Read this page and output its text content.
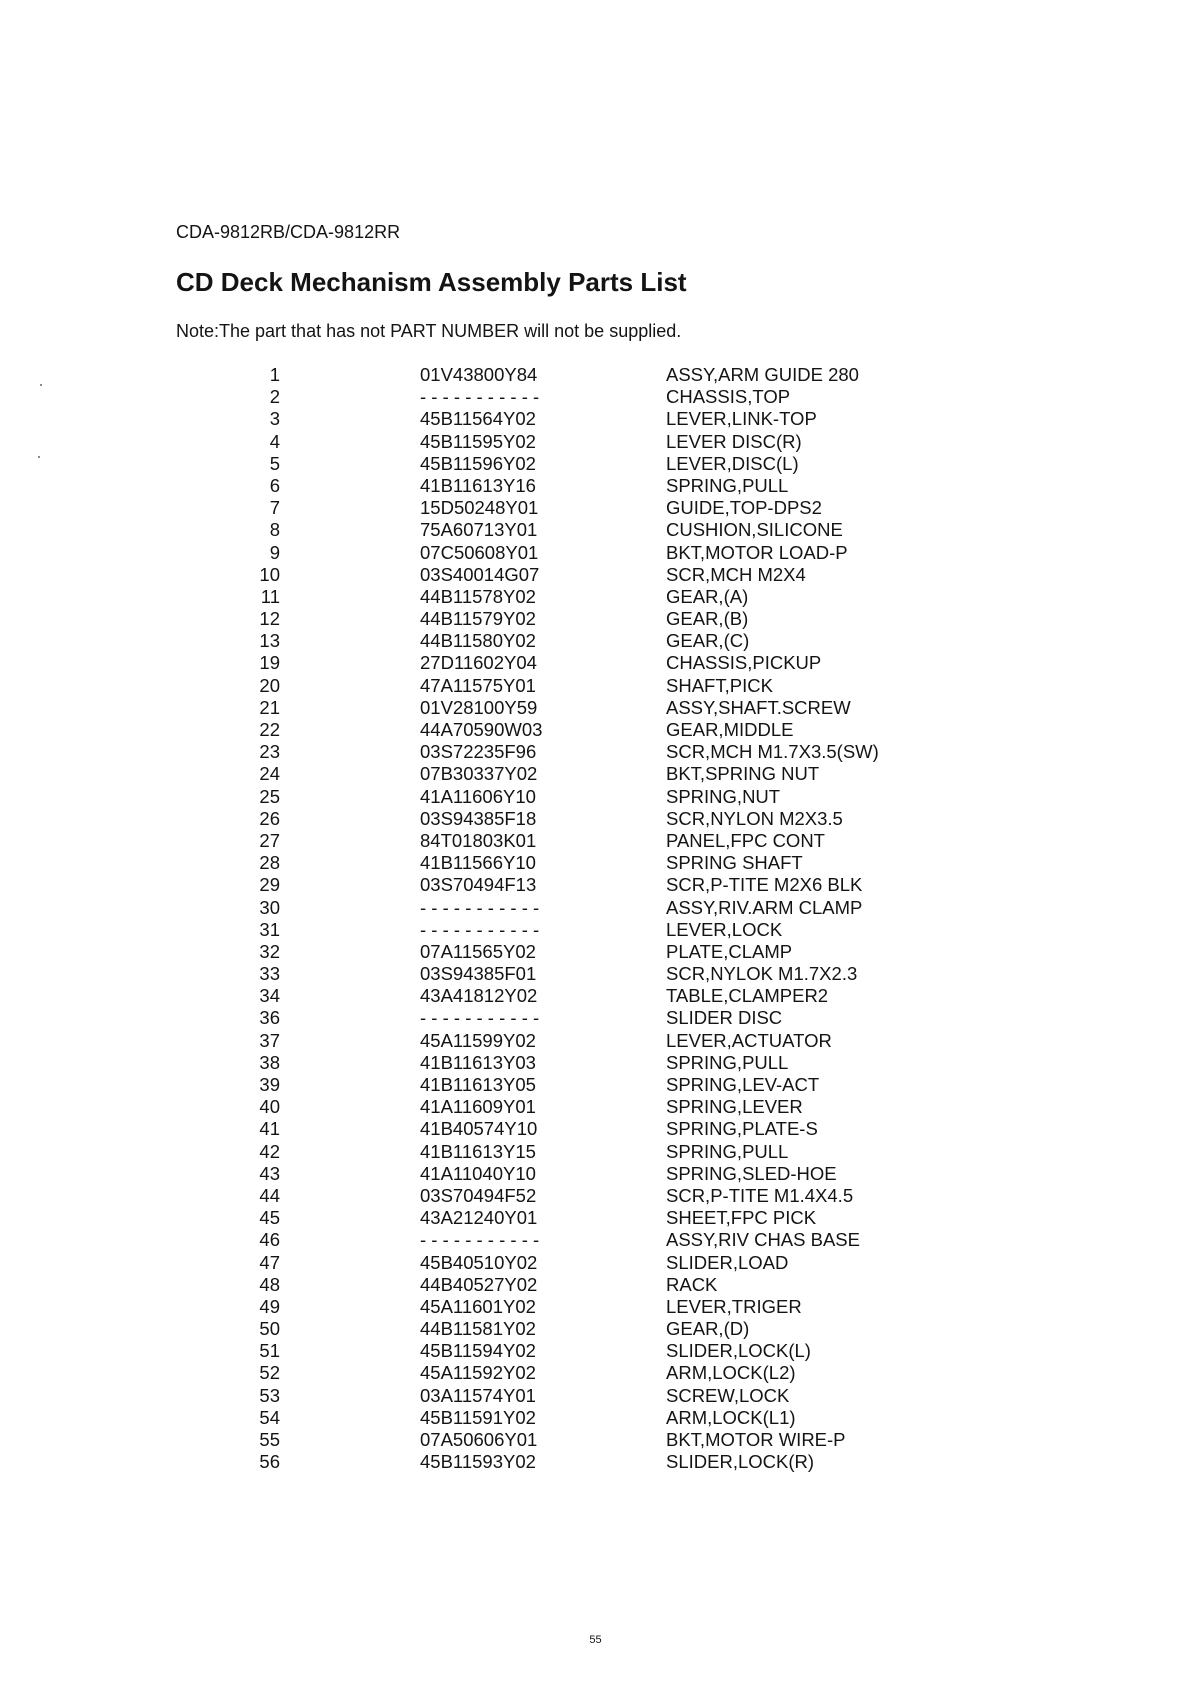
CDA-9812RB/CDA-9812RR
CD Deck Mechanism Assembly Parts List
Note:The part that has not PART NUMBER will not be supplied.
1	01V43800Y84	ASSY,ARM GUIDE 280
2	- - - - - - - - - - -	CHASSIS,TOP
3	45B11564Y02	LEVER,LINK-TOP
4	45B11595Y02	LEVER DISC(R)
5	45B11596Y02	LEVER,DISC(L)
6	41B11613Y16	SPRING,PULL
7	15D50248Y01	GUIDE,TOP-DPS2
8	75A60713Y01	CUSHION,SILICONE
9	07C50608Y01	BKT,MOTOR LOAD-P
10	03S40014G07	SCR,MCH M2X4
11	44B11578Y02	GEAR,(A)
12	44B11579Y02	GEAR,(B)
13	44B11580Y02	GEAR,(C)
19	27D11602Y04	CHASSIS,PICKUP
20	47A11575Y01	SHAFT,PICK
21	01V28100Y59	ASSY,SHAFT.SCREW
22	44A70590W03	GEAR,MIDDLE
23	03S72235F96	SCR,MCH M1.7X3.5(SW)
24	07B30337Y02	BKT,SPRING NUT
25	41A11606Y10	SPRING,NUT
26	03S94385F18	SCR,NYLON M2X3.5
27	84T01803K01	PANEL,FPC CONT
28	41B11566Y10	SPRING SHAFT
29	03S70494F13	SCR,P-TITE M2X6 BLK
30	- - - - - - - - - - -	ASSY,RIV.ARM CLAMP
31	- - - - - - - - - - -	LEVER,LOCK
32	07A11565Y02	PLATE,CLAMP
33	03S94385F01	SCR,NYLOK M1.7X2.3
34	43A41812Y02	TABLE,CLAMPER2
36	- - - - - - - - - - -	SLIDER DISC
37	45A11599Y02	LEVER,ACTUATOR
38	41B11613Y03	SPRING,PULL
39	41B11613Y05	SPRING,LEV-ACT
40	41A11609Y01	SPRING,LEVER
41	41B40574Y10	SPRING,PLATE-S
42	41B11613Y15	SPRING,PULL
43	41A11040Y10	SPRING,SLED-HOE
44	03S70494F52	SCR,P-TITE M1.4X4.5
45	43A21240Y01	SHEET,FPC PICK
46	- - - - - - - - - - -	ASSY,RIV CHAS BASE
47	45B40510Y02	SLIDER,LOAD
48	44B40527Y02	RACK
49	45A11601Y02	LEVER,TRIGER
50	44B11581Y02	GEAR,(D)
51	45B11594Y02	SLIDER,LOCK(L)
52	45A11592Y02	ARM,LOCK(L2)
53	03A11574Y01	SCREW,LOCK
54	45B11591Y02	ARM,LOCK(L1)
55	07A50606Y01	BKT,MOTOR WIRE-P
56	45B11593Y02	SLIDER,LOCK(R)
55
